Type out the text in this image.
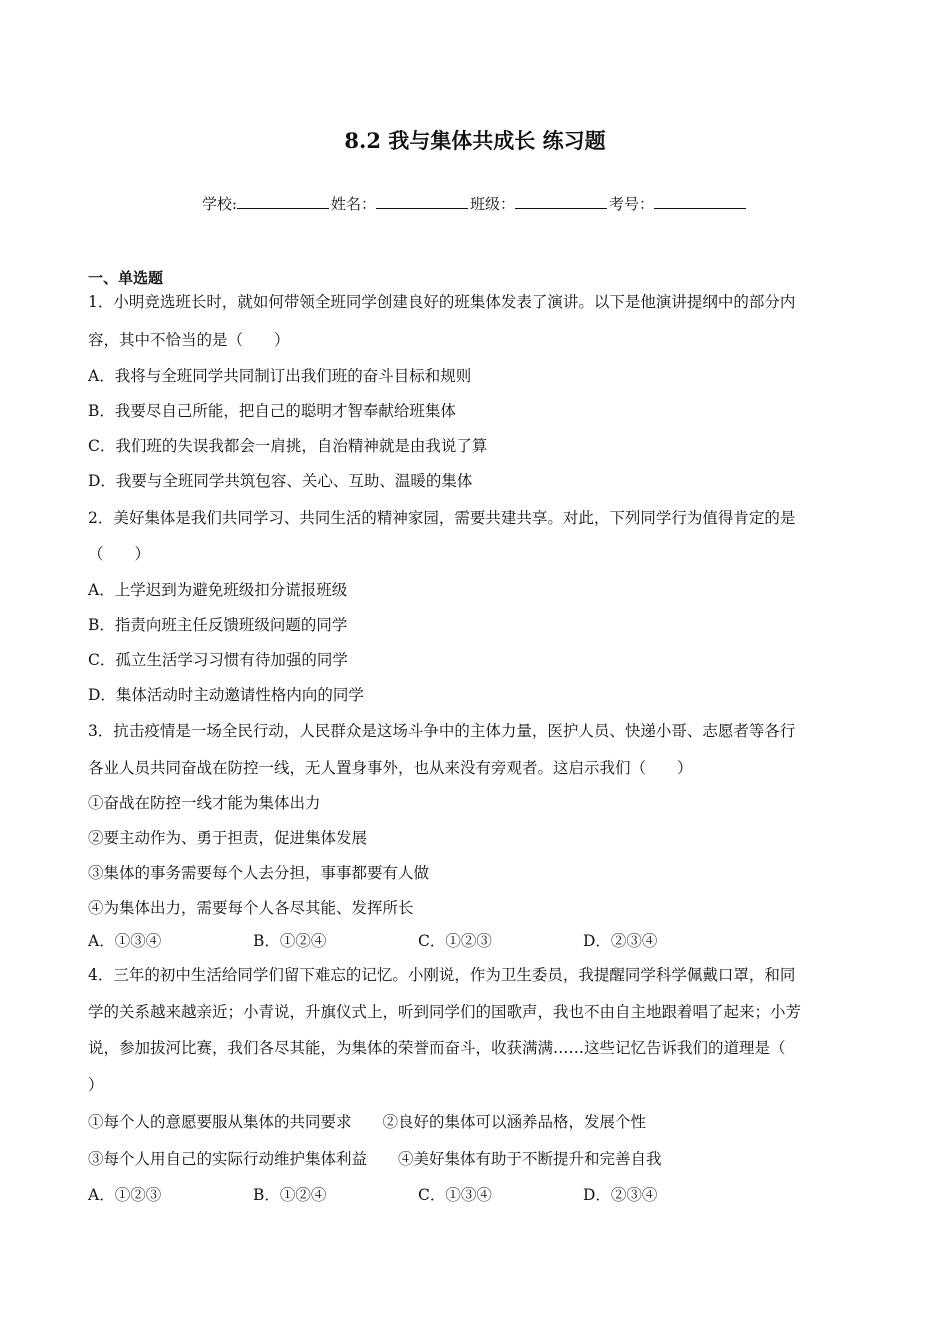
8.2 我与集体共成长 练习题
学校:	姓名：	班级：	考号：
一、单选题
1．小明竞选班长时，就如何带领全班同学创建良好的班集体发表了演讲。以下是他演讲提纲中的部分内
容，其中不恰当的是（　　）
A．我将与全班同学共同制订出我们班的奋斗目标和规则
B．我要尽自己所能，把自己的聪明才智奉献给班集体
C．我们班的失误我都会一肩挑，自治精神就是由我说了算
D．我要与全班同学共筑包容、关心、互助、温暖的集体
2．美好集体是我们共同学习、共同生活的精神家园，需要共建共享。对此，下列同学行为值得肯定的是
（　　）
A．上学迟到为避免班级扣分谎报班级
B．指责向班主任反馈班级问题的同学
C．孤立生活学习习惯有待加强的同学
D．集体活动时主动邀请性格内向的同学
3．抗击疫情是一场全民行动，人民群众是这场斗争中的主体力量，医护人员、快递小哥、志愿者等各行
各业人员共同奋战在防控一线，无人置身事外，也从来没有旁观者。这启示我们（　　）
①奋战在防控一线才能为集体出力
②要主动作为、勇于担责，促进集体发展
③集体的事务需要每个人去分担，事事都要有人做
④为集体出力，需要每个人各尽其能、发挥所长
A．①③④	B．①②④	C．①②③	D．②③④
4．三年的初中生活给同学们留下难忘的记忆。小刚说，作为卫生委员，我提醒同学科学佩戴口罩，和同
学的关系越来越亲近；小青说，升旗仪式上，听到同学们的国歌声，我也不由自主地跟着唱了起来；小芳
说，参加拔河比赛，我们各尽其能，为集体的荣誉而奋斗，收获满满……这些记忆告诉我们的道理是（
）
①每个人的意愿要服从集体的共同要求　　②良好的集体可以涵养品格，发展个性
③每个人用自己的实际行动维护集体利益　　④美好集体有助于不断提升和完善自我
A．①②③	B．①②④	C．①③④	D．②③④
